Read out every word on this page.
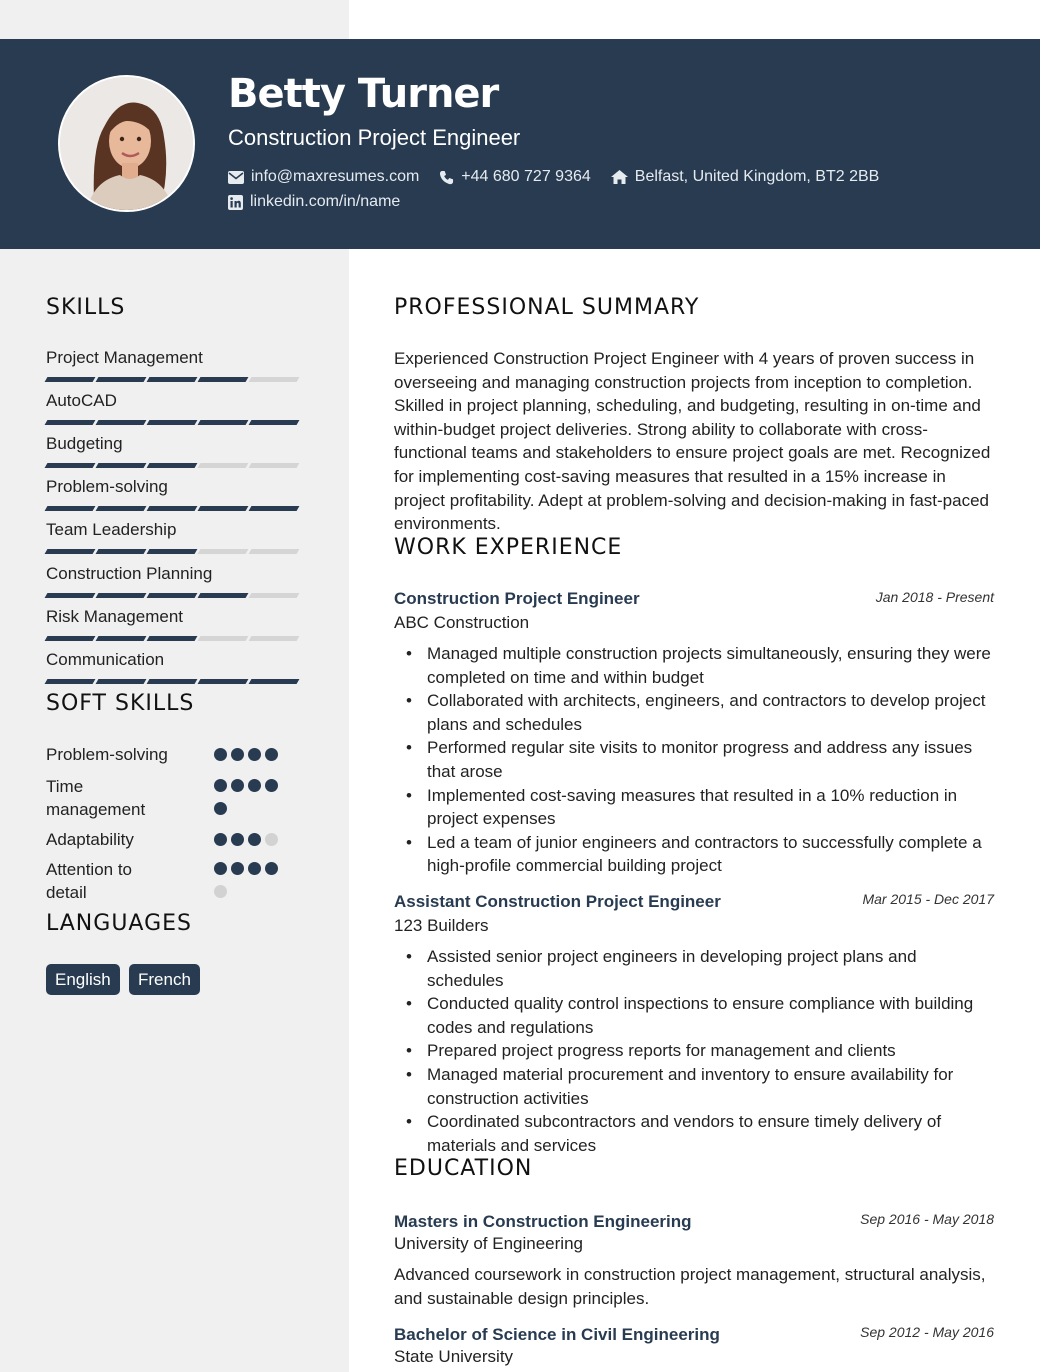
Betty Turner
Construction Project Engineer
info@maxresumes.com	+44 680 727 9364	Belfast, United Kingdom, BT2 2BB
linkedin.com/in/name
SKILLS
Project Management
AutoCAD
Budgeting
Problem-solving
Team Leadership
Construction Planning
Risk Management
Communication
SOFT SKILLS
Problem-solving
Time management
Adaptability
Attention to detail
LANGUAGES
English	French
PROFESSIONAL SUMMARY
Experienced Construction Project Engineer with 4 years of proven success in overseeing and managing construction projects from inception to completion. Skilled in project planning, scheduling, and budgeting, resulting in on-time and within-budget project deliveries. Strong ability to collaborate with cross-functional teams and stakeholders to ensure project goals are met. Recognized for implementing cost-saving measures that resulted in a 15% increase in project profitability. Adept at problem-solving and decision-making in fast-paced environments.
WORK EXPERIENCE
Construction Project Engineer	Jan 2018 - Present
ABC Construction
• Managed multiple construction projects simultaneously, ensuring they were completed on time and within budget
• Collaborated with architects, engineers, and contractors to develop project plans and schedules
• Performed regular site visits to monitor progress and address any issues that arose
• Implemented cost-saving measures that resulted in a 10% reduction in project expenses
• Led a team of junior engineers and contractors to successfully complete a high-profile commercial building project
Assistant Construction Project Engineer	Mar 2015 - Dec 2017
123 Builders
• Assisted senior project engineers in developing project plans and schedules
• Conducted quality control inspections to ensure compliance with building codes and regulations
• Prepared project progress reports for management and clients
• Managed material procurement and inventory to ensure availability for construction activities
• Coordinated subcontractors and vendors to ensure timely delivery of materials and services
EDUCATION
Masters in Construction Engineering	Sep 2016 - May 2018
University of Engineering
Advanced coursework in construction project management, structural analysis, and sustainable design principles.
Bachelor of Science in Civil Engineering	Sep 2012 - May 2016
State University
